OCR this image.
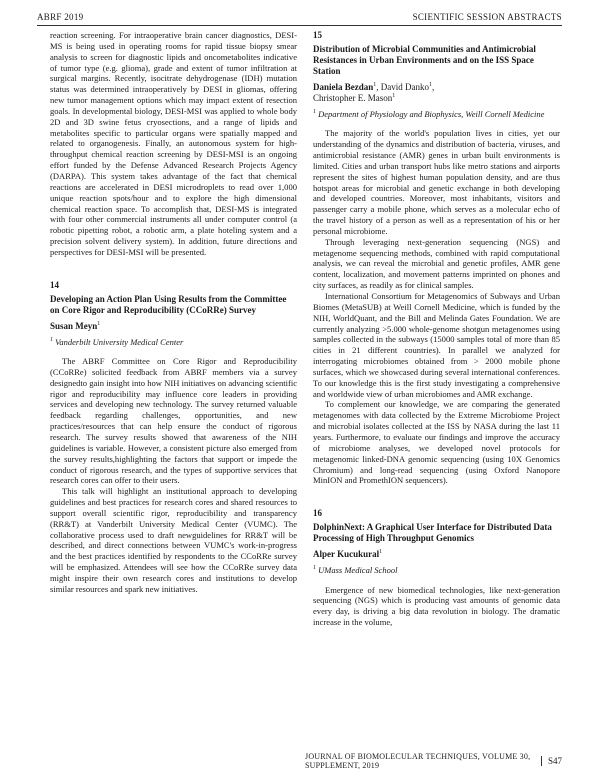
ABRF 2019	SCIENTIFIC SESSION ABSTRACTS

reaction screening. For intraoperative brain cancer diagnostics, DESI-MS is being used in operating rooms for rapid tissue biopsy smear analysis to screen for diagnostic lipids and oncometabolites indicative of tumor type (e.g. glioma), grade and extent of tumor infiltration at surgical margins. Recently, isocitrate dehydrogenase (IDH) mutation status was determined intraoperatively by DESI in gliomas, offering new tumor management options which may impact extent of resection goals. In developmental biology, DESI-MSI was applied to whole body 2D and 3D swine fetus cryosections, and a range of lipids and metabolites specific to particular organs were spatially mapped and related to organogenesis. Finally, an autonomous system for high-throughput chemical reaction screening by DESI-MSI is an ongoing effort funded by the Defense Advanced Research Projects Agency (DARPA). This system takes advantage of the fact that chemical reactions are accelerated in DESI microdroplets to read over 1,000 unique reaction spots/hour and to explore the high dimensional chemical reaction space. To accomplish that, DESI-MS is integrated with four other commercial instruments all under computer control (a robotic pipetting robot, a robotic arm, a plate hoteling system and a precision solvent delivery system). In addition, future directions and perspectives for DESI-MSI will be presented.

14
Developing an Action Plan Using Results from the Committee on Core Rigor and Reproducibility (CCoRRe) Survey
Susan Meyn$^1$
$^1$ Vanderbilt University Medical Center

The ABRF Committee on Core Rigor and Reproducibility (CCoRRe) solicited feedback from ABRF members via a survey designedto gain insight into how NIH initiatives on advancing scientific rigor and reproducibility may influence core leaders in providing services and developing new technology. The survey returned valuable feedback regarding challenges, opportunities, and new practices/resources that can help ensure the conduct of rigorous research. The survey results showed that awareness of the NIH guidelines is variable. However, a consistent picture also emerged from the survey results,highlighting the factors that support or impede the conduct of rigorous research, and the types of supportive services that research cores can offer to their users.

This talk will highlight an institutional approach to developing guidelines and best practices for research cores and shared resources to support overall scientific rigor, reproducibility and transparency (RR&T) at Vanderbilt University Medical Center (VUMC). The collaborative process used to draft newguidelines for RR&T will be described, and direct connections between VUMC's work-in-progress and the best practices identified by respondents to the CCoRRe survey will be emphasized. Attendees will see how the CCoRRe survey data might inspire their own research cores and institutions to develop similar resources and spark new initiatives.

15
Distribution of Microbial Communities and Antimicrobial Resistances in Urban Environments and on the ISS Space Station
Daniela Bezdan$^1$, David Danko$^1$,
Christopher E. Mason$^1$
$^1$ Department of Physiology and Biophysics, Weill Cornell Medicine

The majority of the world's population lives in cities, yet our understanding of the dynamics and distribution of bacteria, viruses, and antimicrobial resistance (AMR) genes in urban built environments is limited. Cities and urban transport hubs like metro stations and airports represent the sites of highest human population density, and are thus hotspot areas for microbial and genetic exchange in both developing and developed countries. Moreover, most inhabitants, visitors and passenger carry a mobile phone, which serves as a molecular echo of the travel history of a person as well as a representation of his or her personal microbiome.

Through leveraging next-generation sequencing (NGS) and metagenome sequencing methods, combined with rapid computational analysis, we can reveal the microbial and genetic profiles, AMR gene content, localization, and movement patterns imprinted on phones and city surfaces, as readily as for clinical samples.

International Consortium for Metagenomics of Subways and Urban Biomes (MetaSUB) at Weill Cornell Medicine, which is funded by the NIH, WorldQuant, and the Bill and Melinda Gates Foundation. We are currently analyzing >5.000 whole-genome shotgun metagenomes using samples collected in the subways (15000 samples total of more than 85 cities in 21 different countries). In parallel we analyzed for interrogating microbiomes obtained from > 2000 mobile phone surfaces, which we showcased during several international conferences. To our knowledge this is the first study investigating a comprehensive and worldwide view of urban microbiomes and AMR exchange.

To complement our knowledge, we are comparing the generated metagenomes with data collected by the Extreme Microbiome Project and microbial isolates collected at the ISS by NASA during the last 11 years. Furthermore, to evaluate our findings and improve the accuracy of microbiome analyses, we developed novel protocols for metagenomic linked-DNA genomic sequencing (using 10X Genomics Chromium) and long-read sequencing (using Oxford Nanopore MinION and PromethION sequencers).

16
DolphinNext: A Graphical User Interface for Distributed Data Processing of High Throughput Genomics
Alper Kucukural$^1$
$^1$ UMass Medical School

Emergence of new biomedical technologies, like next-generation sequencing (NGS) which is producing vast amounts of genomic data every day, is driving a big data revolution in biology. The dramatic increase in the volume,

JOURNAL OF BIOMOLECULAR TECHNIQUES, VOLUME 30, SUPPLEMENT, 2019	S47
